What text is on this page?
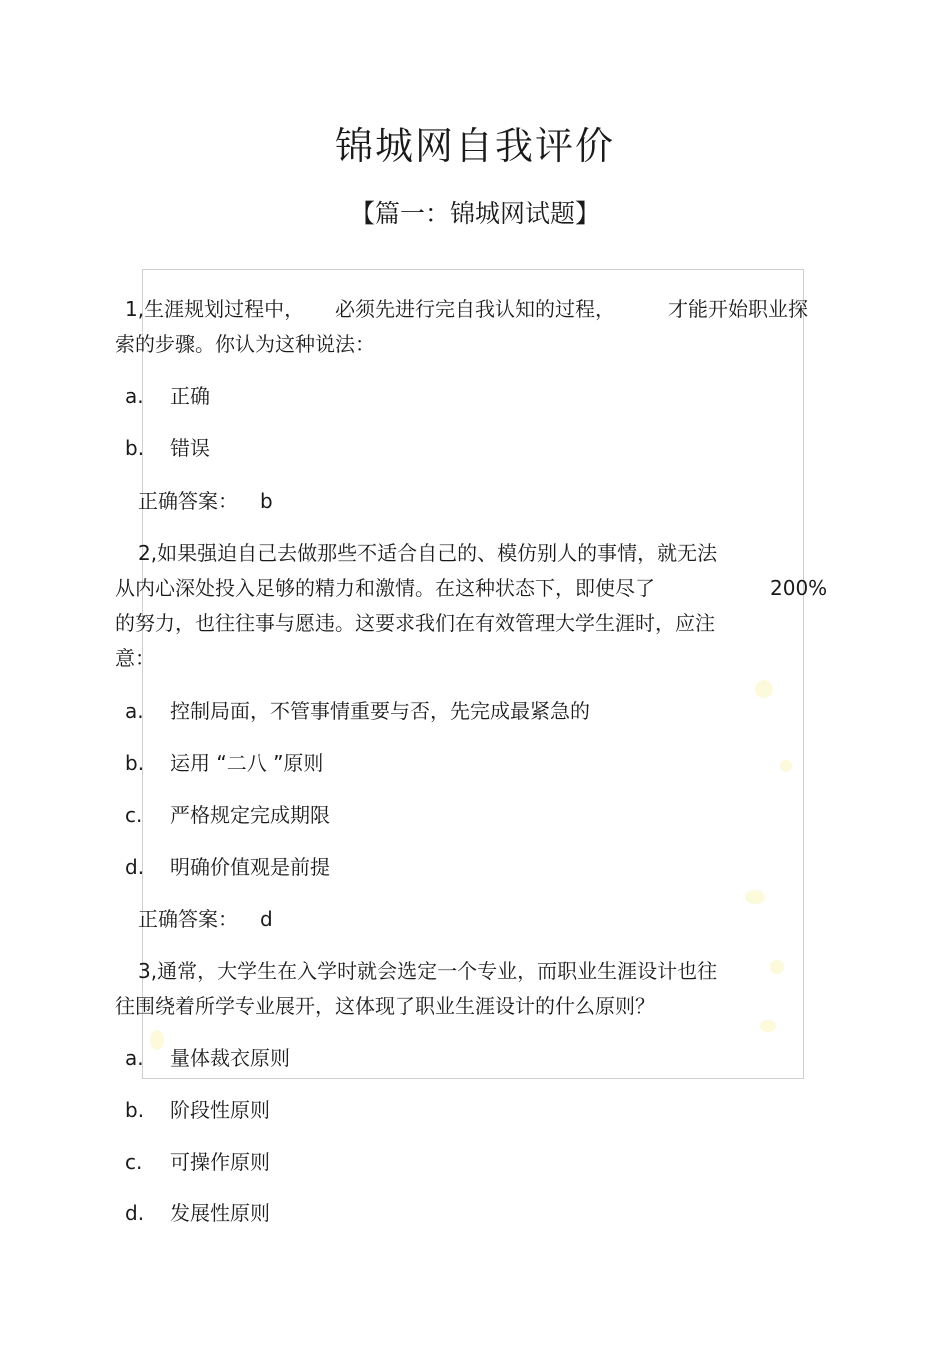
锦城网自我评价
【篇一：锦城网试题】
1,生涯规划过程中， 必须先进行完自我认知的过程，	才能开始职业探
索的步骤。你认为这种说法：
a. 正确
b. 错误
正确答案： b
2,如果强迫自己去做那些不适合自己的、模仿别人的事情，就无法
从内心深处投入足够的精力和激情。在这种状态下，即使尽了	200%
的努力，也往往事与愿违。这要求我们在有效管理大学生涯时，应注
意：
a. 控制局面，不管事情重要与否，先完成最紧急的
b. 运用 “二八 ”原则
c. 严格规定完成期限
d. 明确价值观是前提
正确答案： d
3,通常，大学生在入学时就会选定一个专业，而职业生涯设计也往
往围绕着所学专业展开，这体现了职业生涯设计的什么原则？
a. 量体裁衣原则
b. 阶段性原则
c. 可操作原则
d. 发展性原则
